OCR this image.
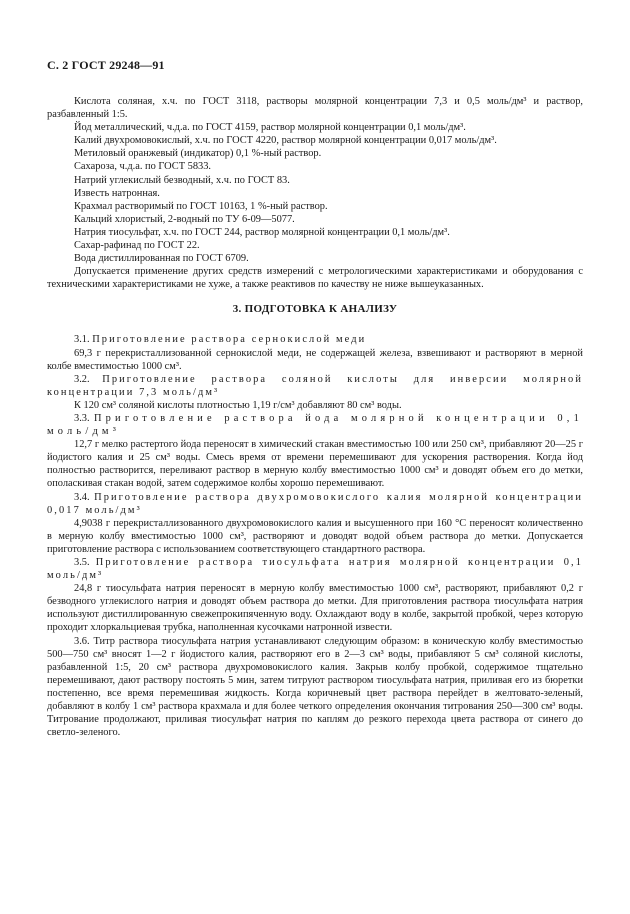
С. 2 ГОСТ 29248—91

Кислота соляная, х.ч. по ГОСТ 3118, растворы молярной концентрации 7,3 и 0,5 моль/дм³ и раствор, разбавленный 1:5.

Йод металлический, ч.д.а. по ГОСТ 4159, раствор молярной концентрации 0,1 моль/дм³.

Калий двухромовокислый, х.ч. по ГОСТ 4220, раствор молярной концентрации 0,017 моль/дм³.

Метиловый оранжевый (индикатор) 0,1 %-ный раствор.

Сахароза, ч.д.а. по ГОСТ 5833.

Натрий углекислый безводный, х.ч. по ГОСТ 83.

Известь натронная.

Крахмал растворимый по ГОСТ 10163, 1 %-ный раствор.

Кальций хлористый, 2-водный по ТУ 6-09—5077.

Натрия тиосульфат, х.ч. по ГОСТ 244, раствор молярной концентрации 0,1 моль/дм³.

Сахар-рафинад по ГОСТ 22.

Вода дистиллированная по ГОСТ 6709.

Допускается применение других средств измерений с метрологическими характеристиками и оборудования с техническими характеристиками не хуже, а также реактивов по качеству не ниже вышеуказанных.

3. ПОДГОТОВКА К АНАЛИЗУ

3.1. Приготовление раствора сернокислой меди

69,3 г перекристаллизованной сернокислой меди, не содержащей железа, взвешивают и растворяют в мерной колбе вместимостью 1000 см³.

3.2. Приготовление раствора соляной кислоты для инверсии молярной концентрации 7,3 моль/дм³

К 120 см³ соляной кислоты плотностью 1,19 г/см³ добавляют 80 см³ воды.

3.3. Приготовление раствора йода молярной концентрации 0,1 моль/дм³

12,7 г мелко растертого йода переносят в химический стакан вместимостью 100 или 250 см³, прибавляют 20—25 г йодистого калия и 25 см³ воды. Смесь время от времени перемешивают для ускорения растворения. Когда йод полностью растворится, переливают раствор в мерную колбу вместимостью 1000 см³ и доводят объем его до метки, ополаскивая стакан водой, затем содержимое колбы хорошо перемешивают.

3.4. Приготовление раствора двухромовокислого калия молярной концентрации 0,017 моль/дм³

4,9038 г перекристаллизованного двухромовокислого калия и высушенного при 160 °С переносят количественно в мерную колбу вместимостью 1000 см³, растворяют и доводят водой объем раствора до метки. Допускается приготовление раствора с использованием соответствующего стандартного раствора.

3.5. Приготовление раствора тиосульфата натрия молярной концентрации 0,1 моль/дм³

24,8 г тиосульфата натрия переносят в мерную колбу вместимостью 1000 см³, растворяют, прибавляют 0,2 г безводного углекислого натрия и доводят объем раствора до метки. Для приготовления раствора тиосульфата натрия используют дистиллированную свежепрокипяченную воду. Охлаждают воду в колбе, закрытой пробкой, через которую проходит хлоркальциевая трубка, наполненная кусочками натронной извести.

3.6. Титр раствора тиосульфата натрия устанавливают следующим образом: в коническую колбу вместимостью 500—750 см³ вносят 1—2 г йодистого калия, растворяют его в 2—3 см³ воды, прибавляют 5 см³ соляной кислоты, разбавленной 1:5, 20 см³ раствора двухромовокислого калия. Закрыв колбу пробкой, содержимое тщательно перемешивают, дают раствору постоять 5 мин, затем титруют раствором тиосульфата натрия, приливая его из бюретки постепенно, все время перемешивая жидкость. Когда коричневый цвет раствора перейдет в желтовато-зеленый, добавляют в колбу 1 см³ раствора крахмала и для более четкого определения окончания титрования 250—300 см³ воды. Титрование продолжают, приливая тиосульфат натрия по каплям до резкого перехода цвета раствора от синего до светло-зеленого.
